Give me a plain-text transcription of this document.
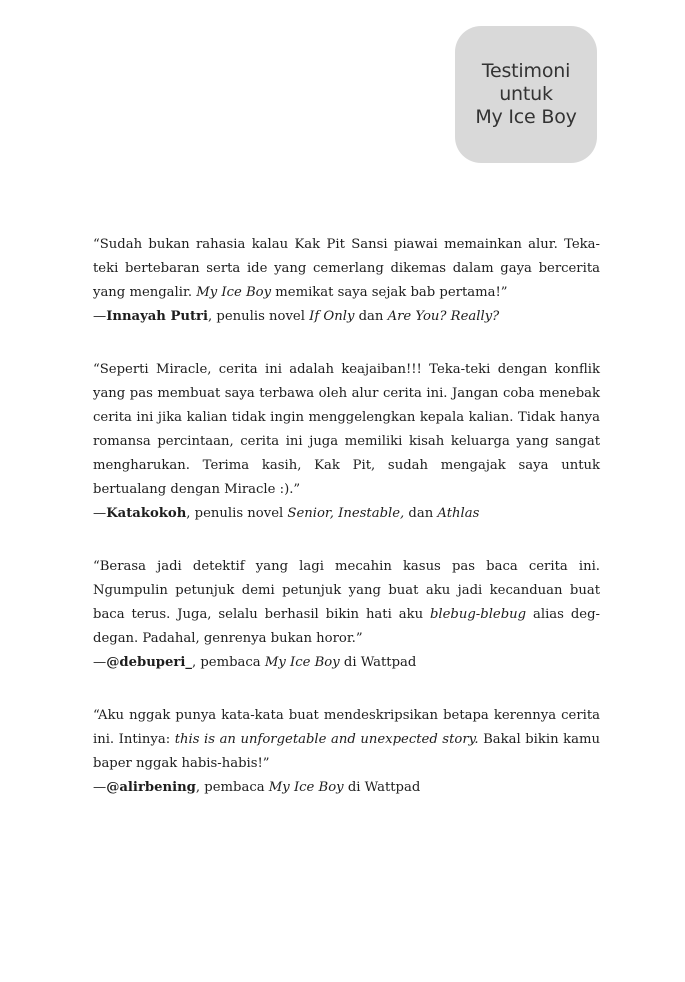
Testimoni
untuk
My Ice Boy

“Sudah bukan rahasia kalau Kak Pit Sansi piawai memainkan alur. Teka-teki bertebaran serta ide yang cemerlang dikemas dalam gaya bercerita yang mengalir. My Ice Boy memikat saya sejak bab pertama!”

—Innayah Putri, penulis novel If Only dan Are You? Really?

“Seperti Miracle, cerita ini adalah keajaiban!!! Teka-teki dengan konflik yang pas membuat saya terbawa oleh alur cerita ini. Jangan coba menebak cerita ini jika kalian tidak ingin menggelengkan kepala kalian. Tidak hanya romansa percintaan, cerita ini juga memiliki kisah keluarga yang sangat mengharukan. Terima kasih, Kak Pit, sudah mengajak saya untuk bertualang dengan Miracle :).”

—Katakokoh, penulis novel Senior, Inestable, dan Athlas

“Berasa jadi detektif yang lagi mecahin kasus pas baca cerita ini. Ngumpulin petunjuk demi petunjuk yang buat aku jadi kecanduan buat baca terus. Juga, selalu berhasil bikin hati aku blebug-blebug alias deg-degan. Padahal, genrenya bukan horor.”

—@debuperi_, pembaca My Ice Boy di Wattpad

“Aku nggak punya kata-kata buat mendeskripsikan betapa kerennya cerita ini. Intinya: this is an unforgetable and unexpected story. Bakal bikin kamu baper nggak habis-habis!”

—@alirbening, pembaca My Ice Boy di Wattpad
